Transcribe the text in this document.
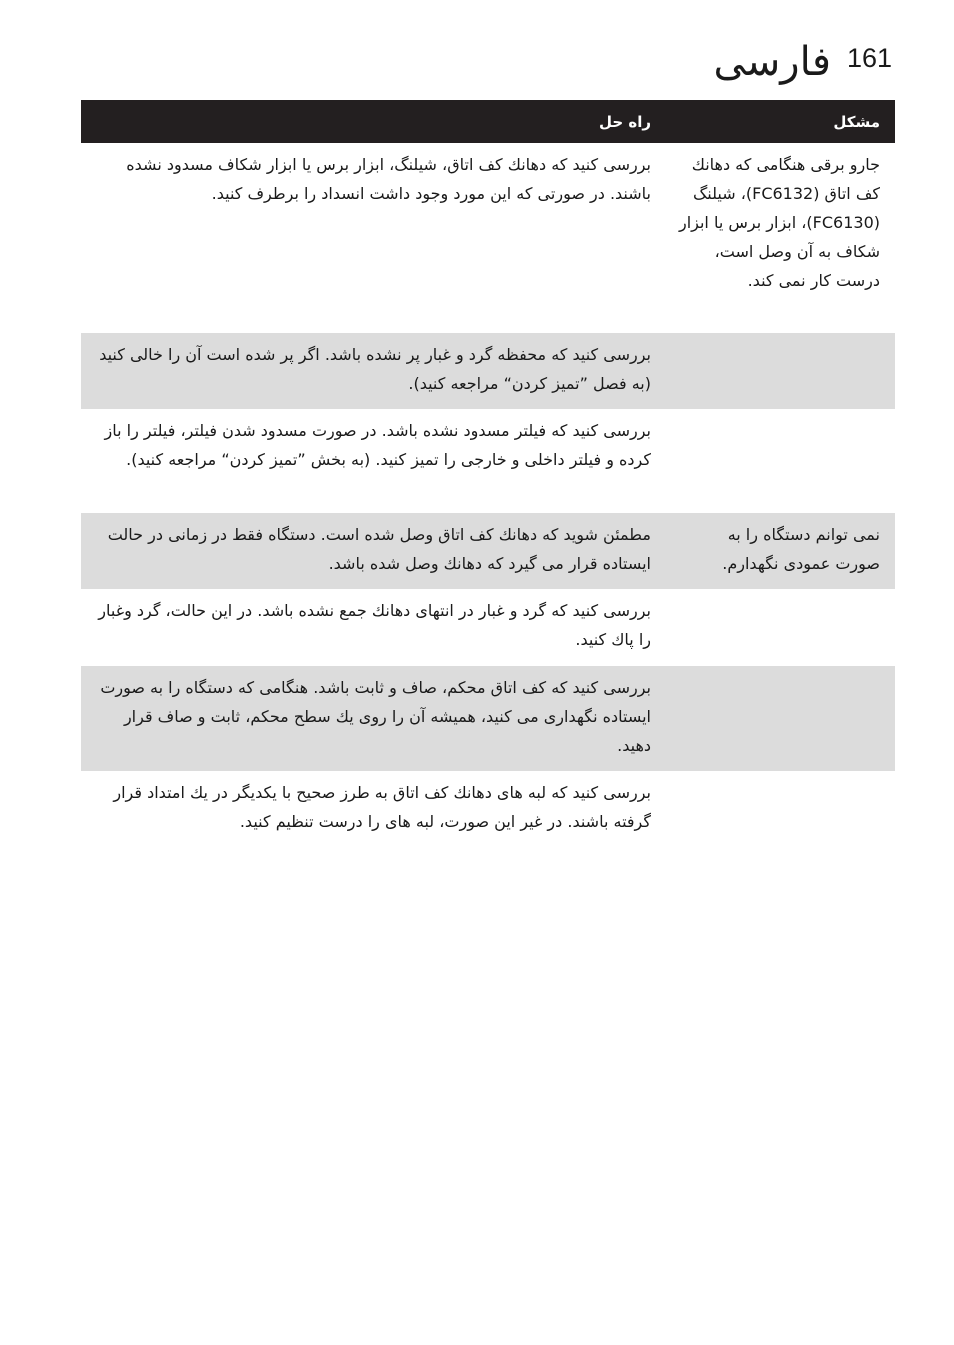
فارسی 161
مشکل	راه حل
جارو برقی هنگامی که دهانك کف اتاق (FC6132)، شیلنگ (FC6130)، ابزار برس یا ابزار شکاف به آن وصل است، درست کار نمی کند.	بررسی کنید که دهانك کف اتاق، شیلنگ، ابزار برس یا ابزار شکاف مسدود نشده باشند. در صورتی که این مورد وجود داشت انسداد را برطرف کنید.
	بررسی کنید که محفظه گرد و غبار پر نشده باشد. اگر پر شده است آن را خالی کنید (به فصل ”تمیز کردن“ مراجعه کنید).
	بررسی کنید که فیلتر مسدود نشده باشد. در صورت مسدود شدن فیلتر، فیلتر را باز کرده و فیلتر داخلی و خارجی را تمیز کنید. (به بخش ”تمیز کردن“ مراجعه کنید).
نمی توانم دستگاه را به صورت عمودی نگهدارم.	مطمئن شوید که دهانك کف اتاق وصل شده است. دستگاه فقط در زمانی در حالت ایستاده قرار می گیرد که دهانك وصل شده باشد.
	بررسی کنید که گرد و غبار در انتهای دهانك جمع نشده باشد. در این حالت، گرد وغبار را پاك کنید.
	بررسی کنید که کف اتاق محکم، صاف و ثابت باشد. هنگامی که دستگاه را به صورت ایستاده نگهداری می کنید، همیشه آن را روی یك سطح محکم، ثابت و صاف قرار دهید.
	بررسی کنید که لبه های دهانك کف اتاق به طرز صحیح با یکدیگر در یك امتداد قرار گرفته باشند. در غیر این صورت، لبه های را درست تنظیم کنید.
